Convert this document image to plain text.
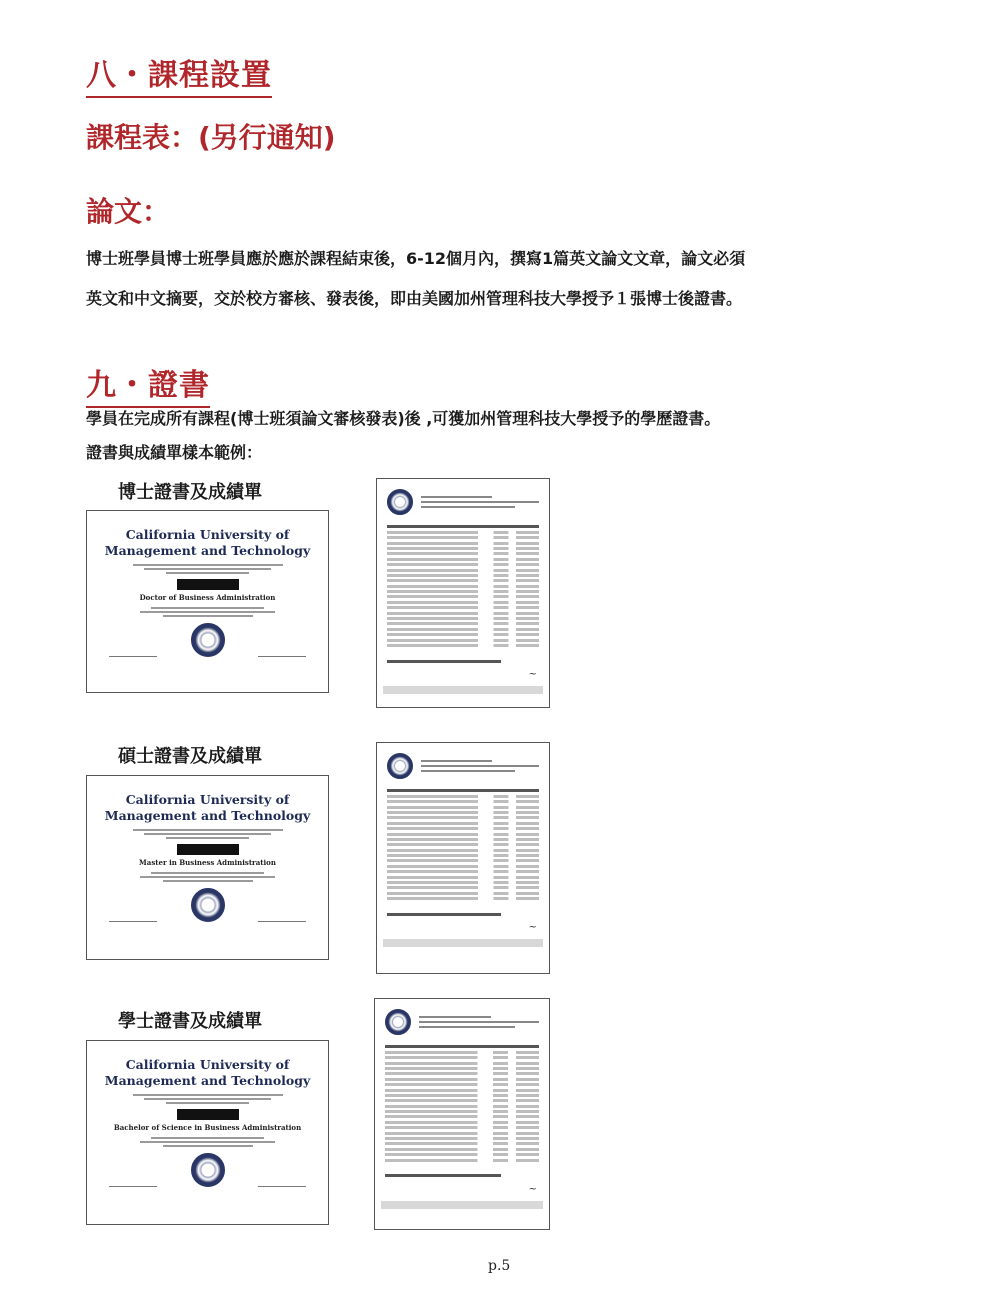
八・課程設置
課程表：(另行通知)
論文：

博士班學員博士班學員應於應於課程結束後，6-12個月內，撰寫1篇英文論文文章，論文必須

英文和中文摘要，交於校方審核、發表後，即由美國加州管理科技大學授予１張博士後證書。

九・證書

學員在完成所有課程(博士班須論文審核發表)後 ,可獲加州管理科技大學授予的學歷證書。

證書與成績單樣本範例：

博士證書及成績單
California University of
Management and Technology
Doctor of Business Administration
~
碩士證書及成績單
California University of
Management and Technology
Master in Business Administration
~
學士證書及成績單
California University of
Management and Technology
Bachelor of Science in Business Administration
~
p.5
